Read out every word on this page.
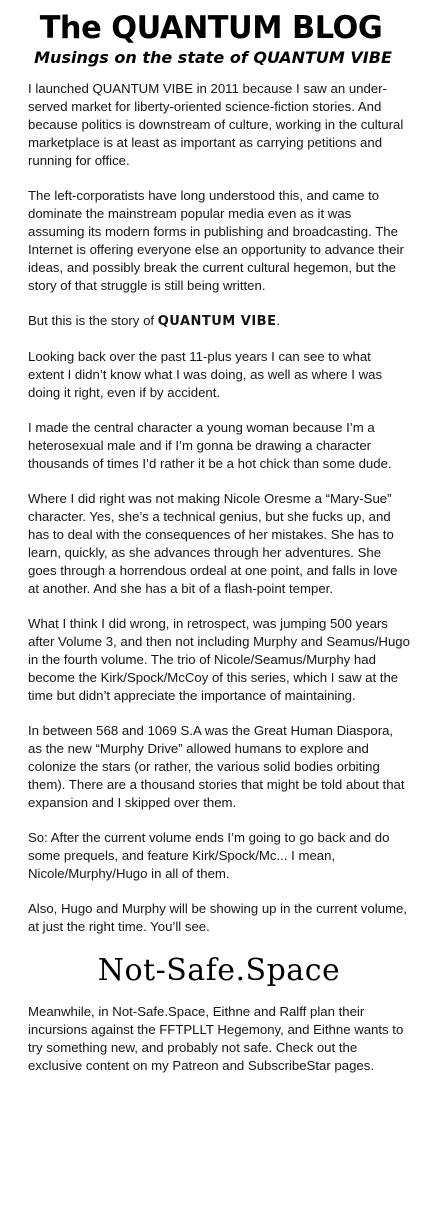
The QUANTUM BLOG
Musings on the state of QUANTUM VIBE

I launched QUANTUM VIBE in 2011 because I saw an under-served market for liberty-oriented science-fiction stories. And because politics is downstream of culture, working in the cultural marketplace is at least as important as carrying petitions and running for office.

The left-corporatists have long understood this, and came to dominate the mainstream popular media even as it was assuming its modern forms in publishing and broadcasting. The Internet is offering everyone else an opportunity to advance their ideas, and possibly break the current cultural hegemon, but the story of that struggle is still being written.

But this is the story of QUANTUM VIBE.

Looking back over the past 11-plus years I can see to what extent I didn’t know what I was doing, as well as where I was doing it right, even if by accident.

I made the central character a young woman because I’m a heterosexual male and if I’m gonna be drawing a character thousands of times I’d rather it be a hot chick than some dude.

Where I did right was not making Nicole Oresme a “Mary-Sue” character. Yes, she’s a technical genius, but she fucks up, and has to deal with the consequences of her mistakes. She has to learn, quickly, as she advances through her adventures. She goes through a horrendous ordeal at one point, and falls in love at another. And she has a bit of a flash-point temper.

What I think I did wrong, in retrospect, was jumping 500 years after Volume 3, and then not including Murphy and Seamus/Hugo in the fourth volume. The trio of Nicole/Seamus/Murphy had become the Kirk/Spock/McCoy of this series, which I saw at the time but didn’t appreciate the importance of maintaining.

In between 568 and 1069 S.A was the Great Human Diaspora, as the new “Murphy Drive” allowed humans to explore and colonize the stars (or rather, the various solid bodies orbiting them). There are a thousand stories that might be told about that expansion and I skipped over them.

So: After the current volume ends I’m going to go back and do some prequels, and feature Kirk/Spock/Mc... I mean, Nicole/Murphy/Hugo in all of them.

Also, Hugo and Murphy will be showing up in the current volume, at just the right time. You’ll see.

Not-Safe.Space

Meanwhile, in Not-Safe.Space, Eithne and Ralff plan their incursions against the FFTPLLT Hegemony, and Eithne wants to try something new, and probably not safe. Check out the exclusive content on my Patreon and SubscribeStar pages.
